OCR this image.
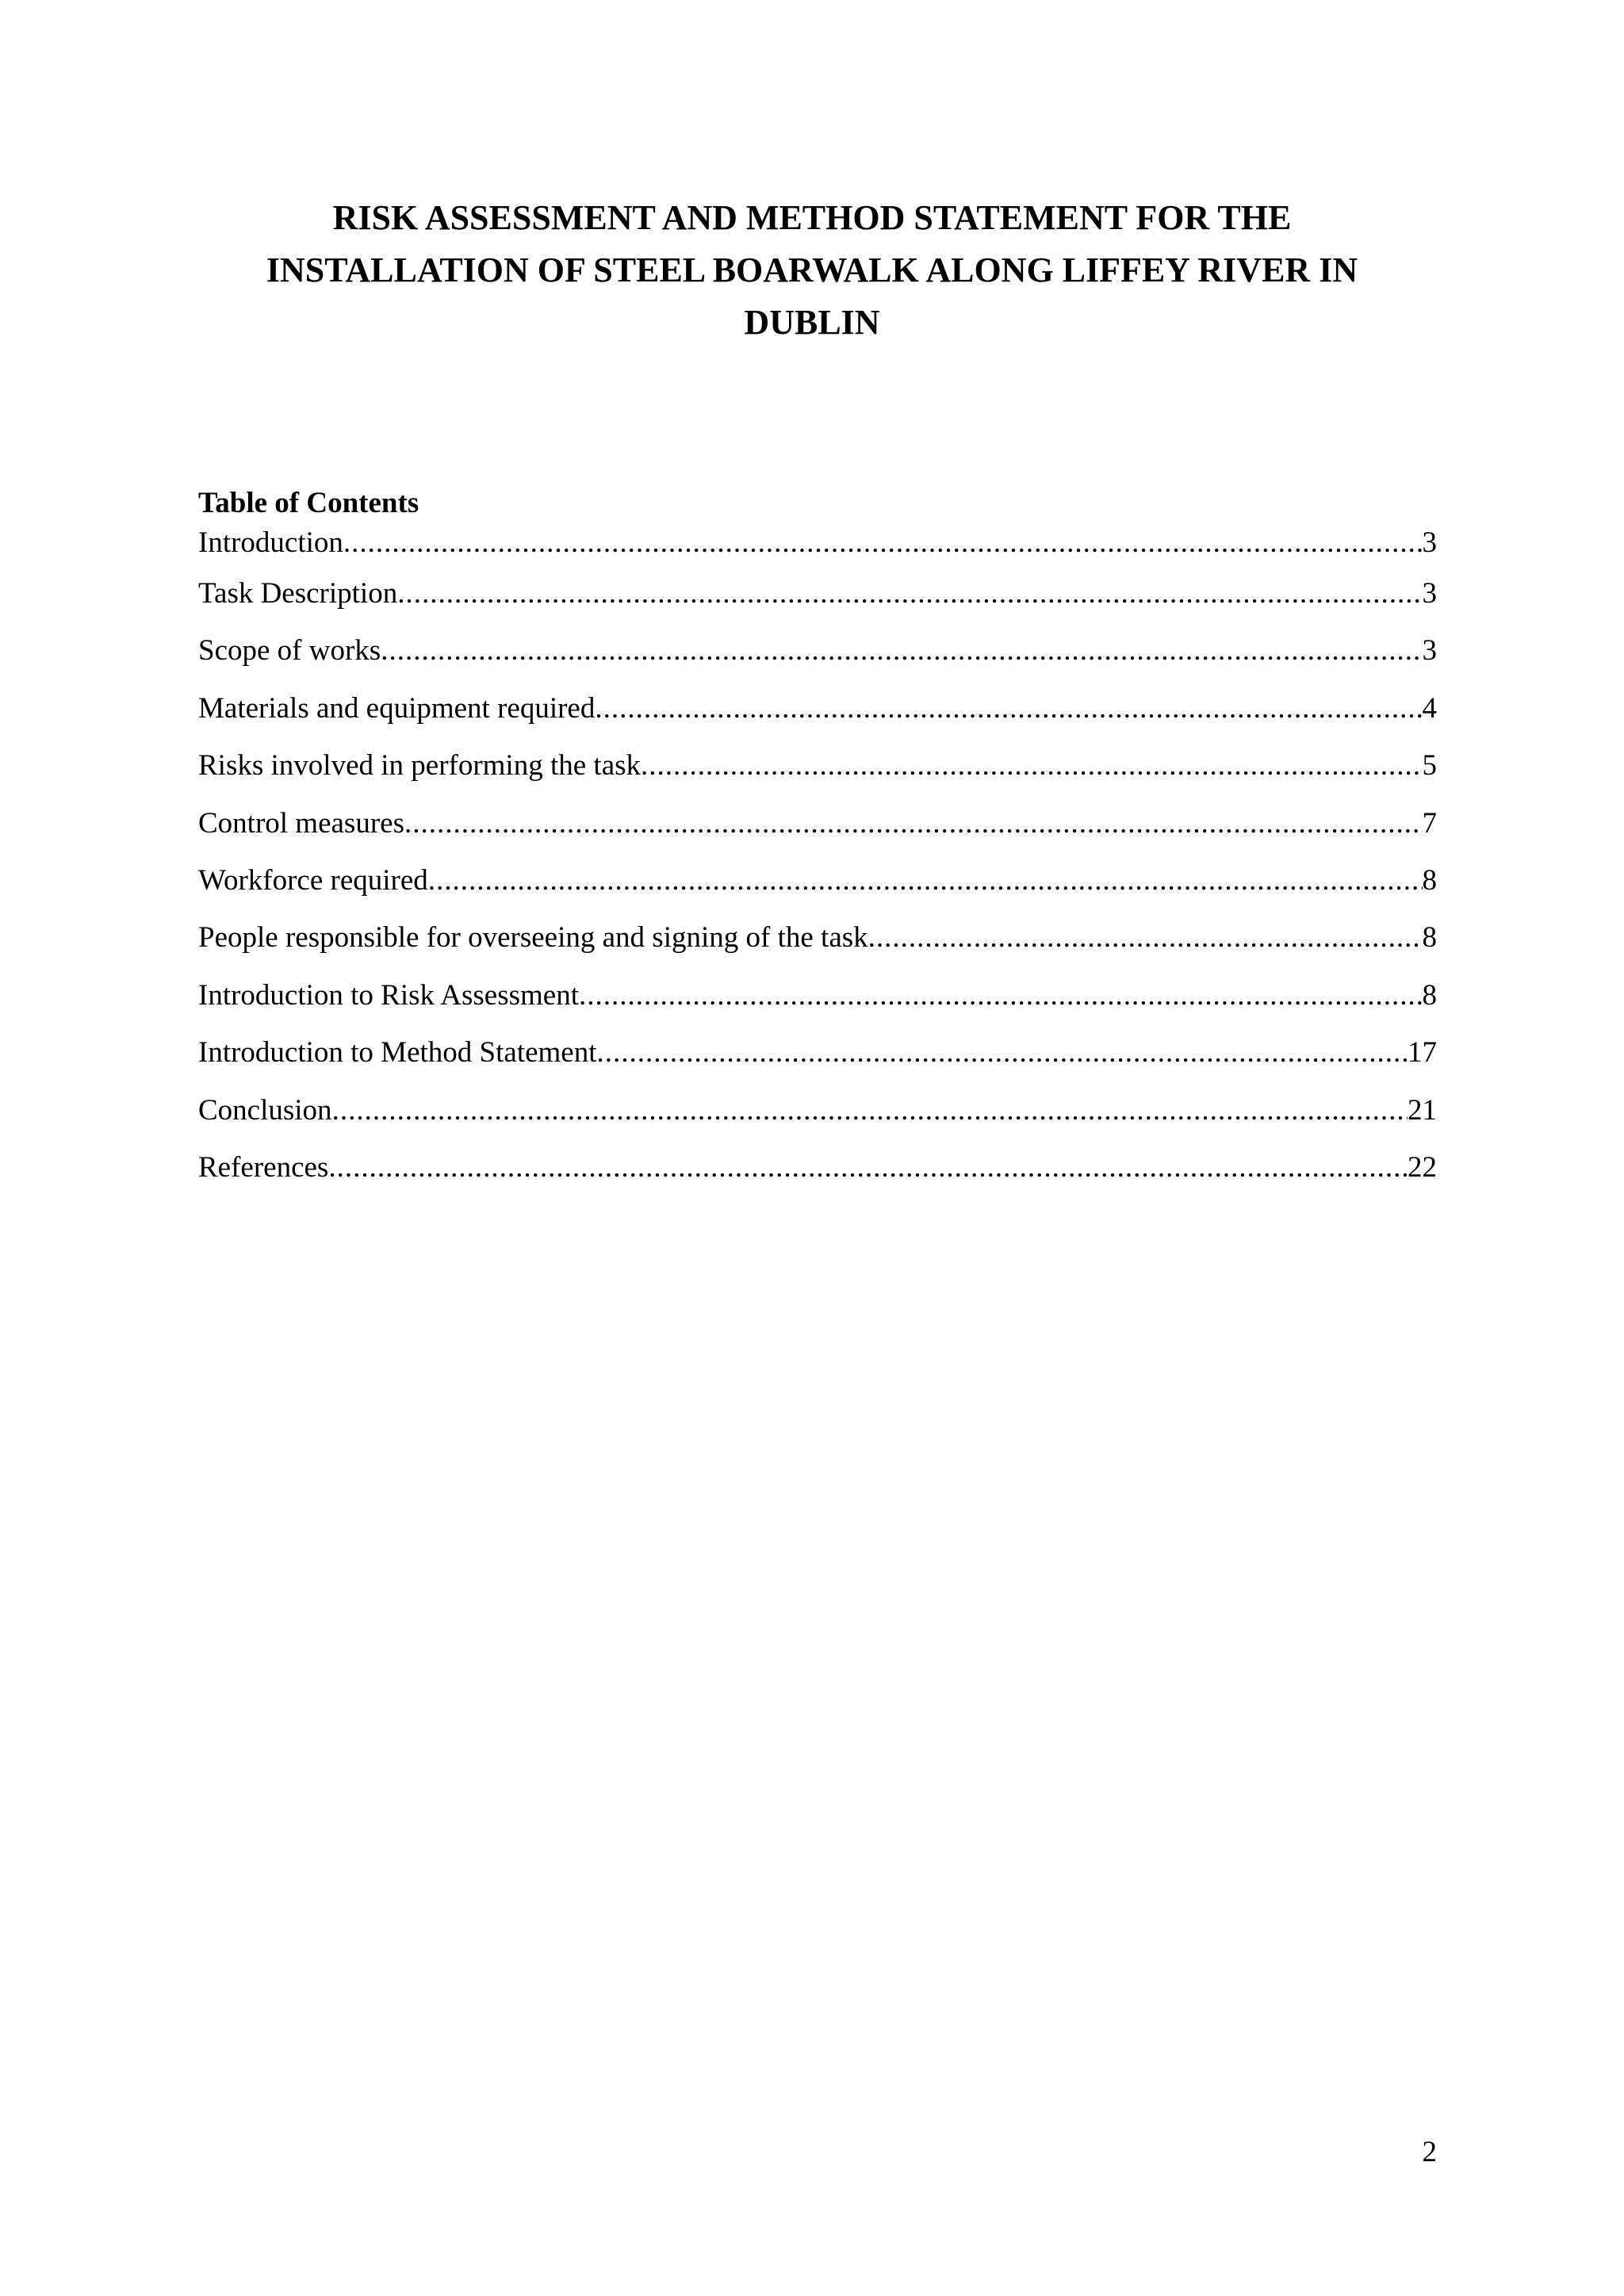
RISK ASSESSMENT AND METHOD STATEMENT FOR THE
INSTALLATION OF STEEL BOARWALK ALONG LIFFEY RIVER IN
DUBLIN
Table of Contents
Introduction .....	3
Task Description .....	3
Scope of works .....	3
Materials and equipment required .....	4
Risks involved in performing the task .....	5
Control measures .....	7
Workforce required .....	8
People responsible for overseeing and signing of the task .....	8
Introduction to Risk Assessment .....	8
Introduction to Method Statement .....	17
Conclusion .....	21
References .....	22
2
